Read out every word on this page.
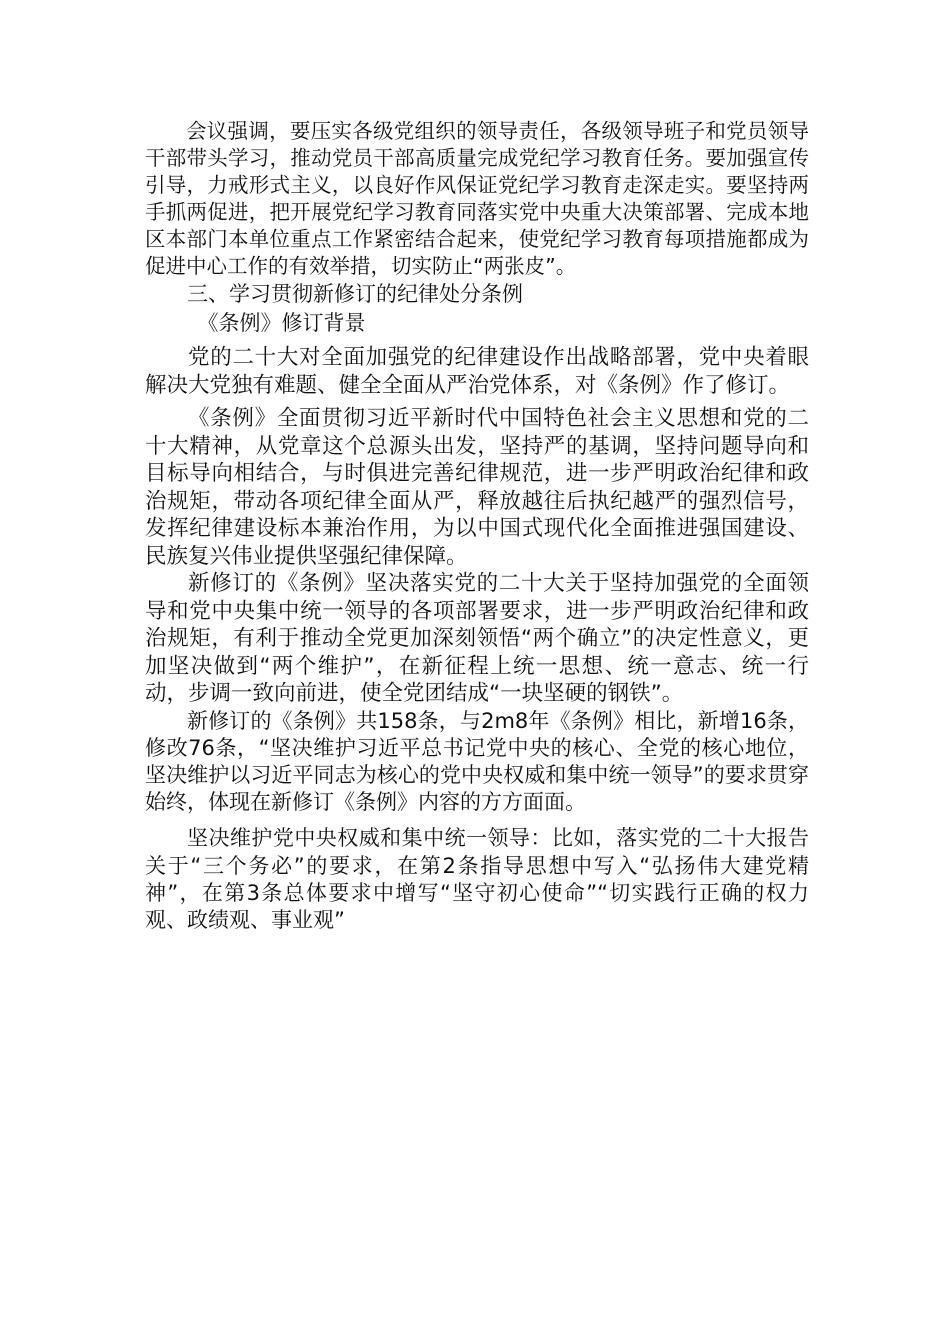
会议强调，要压实各级党组织的领导责任，各级领导班子和党员领导干部带头学习，推动党员干部高质量完成党纪学习教育任务。要加强宣传引导，力戒形式主义，以良好作风保证党纪学习教育走深走实。要坚持两手抓两促进，把开展党纪学习教育同落实党中央重大决策部署、完成本地区本部门本单位重点工作紧密结合起来，使党纪学习教育每项措施都成为促进中心工作的有效举措，切实防止“两张皮”。

三、学习贯彻新修订的纪律处分条例

《条例》修订背景

党的二十大对全面加强党的纪律建设作出战略部署，党中央着眼解决大党独有难题、健全全面从严治党体系，对《条例》作了修订。

《条例》全面贯彻习近平新时代中国特色社会主义思想和党的二十大精神，从党章这个总源头出发，坚持严的基调，坚持问题导向和目标导向相结合，与时俱进完善纪律规范，进一步严明政治纪律和政治规矩，带动各项纪律全面从严，释放越往后执纪越严的强烈信号，发挥纪律建设标本兼治作用，为以中国式现代化全面推进强国建设、民族复兴伟业提供坚强纪律保障。

新修订的《条例》坚决落实党的二十大关于坚持加强党的全面领导和党中央集中统一领导的各项部署要求，进一步严明政治纪律和政治规矩，有利于推动全党更加深刻领悟“两个确立”的决定性意义，更加坚决做到“两个维护”，在新征程上统一思想、统一意志、统一行动，步调一致向前进，使全党团结成“一块坚硬的钢铁”。

新修订的《条例》共158条，与2m8年《条例》相比，新增16条，修改76条，“坚决维护习近平总书记党中央的核心、全党的核心地位，坚决维护以习近平同志为核心的党中央权威和集中统一领导”的要求贯穿始终，体现在新修订《条例》内容的方方面面。

坚决维护党中央权威和集中统一领导：比如，落实党的二十大报告关于“三个务必”的要求，在第2条指导思想中写入“弘扬伟大建党精神”，在第3条总体要求中增写“坚守初心使命”“切实践行正确的权力观、政绩观、事业观”
